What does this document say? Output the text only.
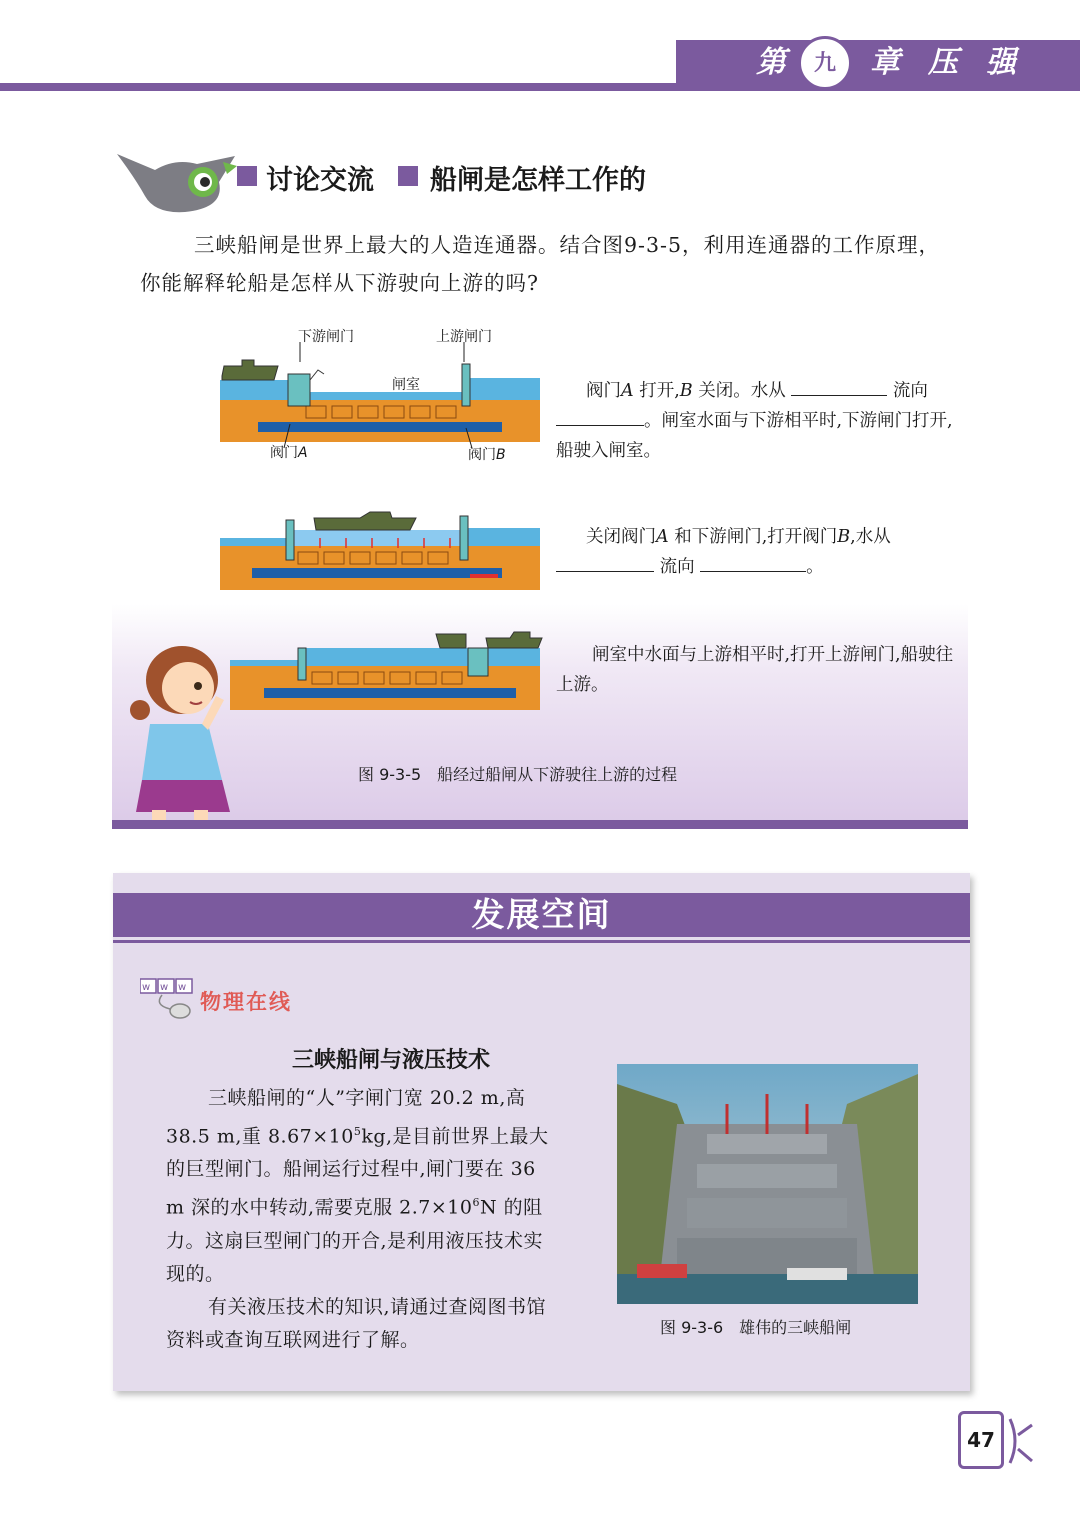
第	九	章 压 强
讨论交流 船闸是怎样工作的

三峡船闸是世界上最大的人造连通器。结合图9-3-5，利用连通器的工作原理，你能解释轮船是怎样从下游驶向上游的吗?

下游闸门	上游闸门
闸室
阀门A	阀门B
阀门A 打开,B 关闭。水从	流向 。闸室水面与下游相平时,下游闸门打开,船驶入闸室。
关闭阀门A 和下游闸门,打开阀门B,水从
流向	。
闸室中水面与上游相平时,打开上游闸门,船驶往上游。
图 9-3-5　船经过船闸从下游驶往上游的过程
发展空间
w w w
物理在线
三峡船闸与液压技术

三峡船闸的“人”字闸门宽 20.2 m,高 38.5 m,重 $8.67\times 10^5kg$,是目前世界上最大的巨型闸门。船闸运行过程中,闸门要在 36 m 深的水中转动,需要克服 $2.7\times 10^6N$ 的阻力。这扇巨型闸门的开合,是利用液压技术实现的。

有关液压技术的知识,请通过查阅图书馆资料或查询互联网进行了解。

图 9-3-6　雄伟的三峡船闸
47
